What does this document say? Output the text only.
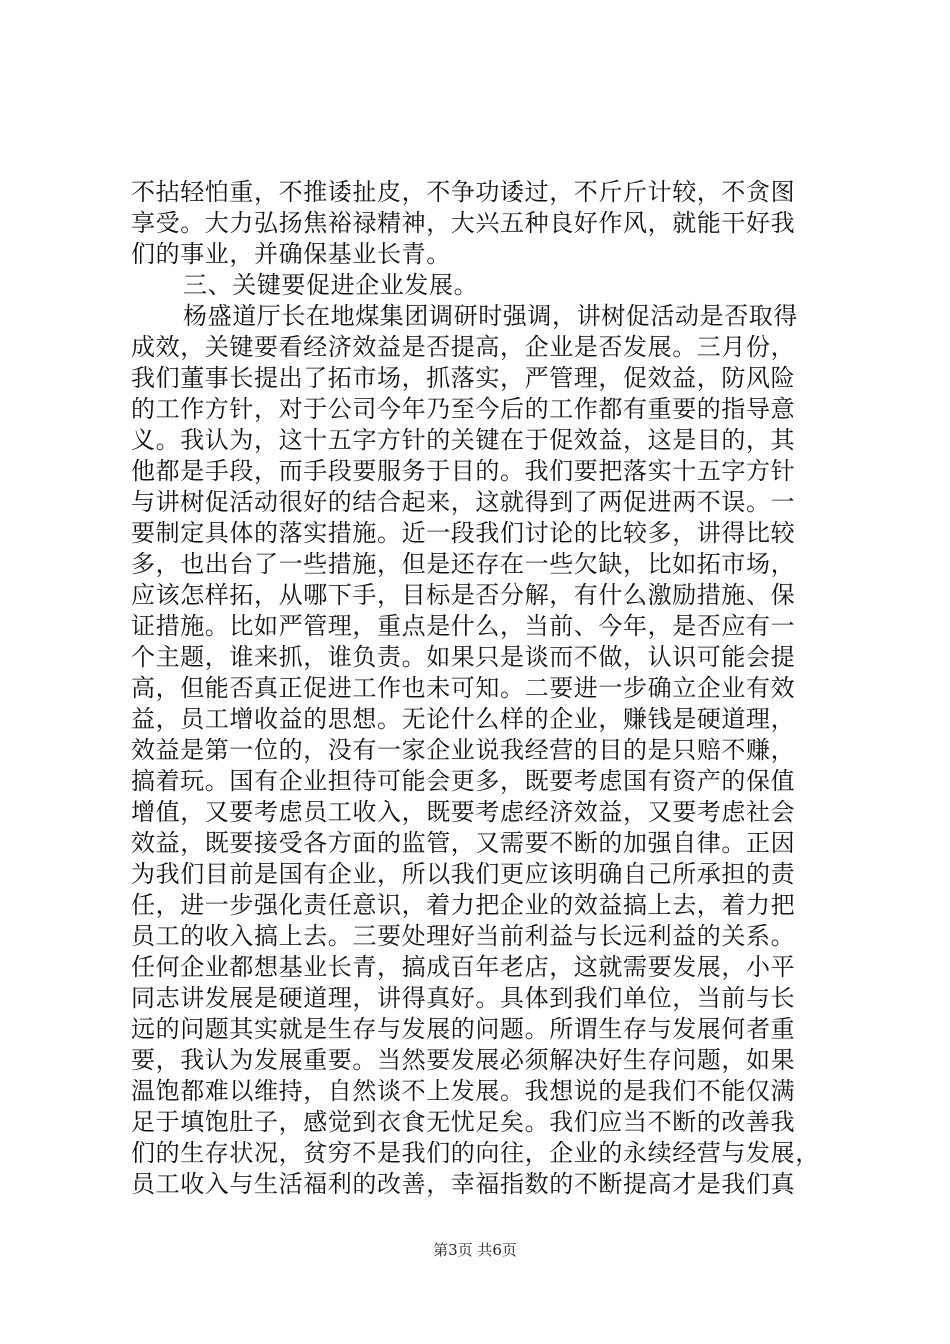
不拈轻怕重，不推诿扯皮，不争功诿过，不斤斤计较，不贪图
享受。大力弘扬焦裕禄精神，大兴五种良好作风，就能干好我
们的事业，并确保基业长青。
三、关键要促进企业发展。
杨盛道厅长在地煤集团调研时强调，讲树促活动是否取得
成效，关键要看经济效益是否提高，企业是否发展。三月份，
我们董事长提出了拓市场，抓落实，严管理，促效益，防风险
的工作方针，对于公司今年乃至今后的工作都有重要的指导意
义。我认为，这十五字方针的关键在于促效益，这是目的，其
他都是手段，而手段要服务于目的。我们要把落实十五字方针
与讲树促活动很好的结合起来，这就得到了两促进两不误。一
要制定具体的落实措施。近一段我们讨论的比较多，讲得比较
多，也出台了一些措施，但是还存在一些欠缺，比如拓市场，
应该怎样拓，从哪下手，目标是否分解，有什么激励措施、保
证措施。比如严管理，重点是什么，当前、今年，是否应有一
个主题，谁来抓，谁负责。如果只是谈而不做，认识可能会提
高，但能否真正促进工作也未可知。二要进一步确立企业有效
益，员工增收益的思想。无论什么样的企业，赚钱是硬道理，
效益是第一位的，没有一家企业说我经营的目的是只赔不赚，
搞着玩。国有企业担待可能会更多，既要考虑国有资产的保值
增值，又要考虑员工收入，既要考虑经济效益，又要考虑社会
效益，既要接受各方面的监管，又需要不断的加强自律。正因
为我们目前是国有企业，所以我们更应该明确自己所承担的责
任，进一步强化责任意识，着力把企业的效益搞上去，着力把
员工的收入搞上去。三要处理好当前利益与长远利益的关系。
任何企业都想基业长青，搞成百年老店，这就需要发展，小平
同志讲发展是硬道理，讲得真好。具体到我们单位，当前与长
远的问题其实就是生存与发展的问题。所谓生存与发展何者重
要，我认为发展重要。当然要发展必须解决好生存问题，如果
温饱都难以维持，自然谈不上发展。我想说的是我们不能仅满
足于填饱肚子，感觉到衣食无忧足矣。我们应当不断的改善我
们的生存状况，贫穷不是我们的向往，企业的永续经营与发展，
员工收入与生活福利的改善，幸福指数的不断提高才是我们真
第3页 共6页
